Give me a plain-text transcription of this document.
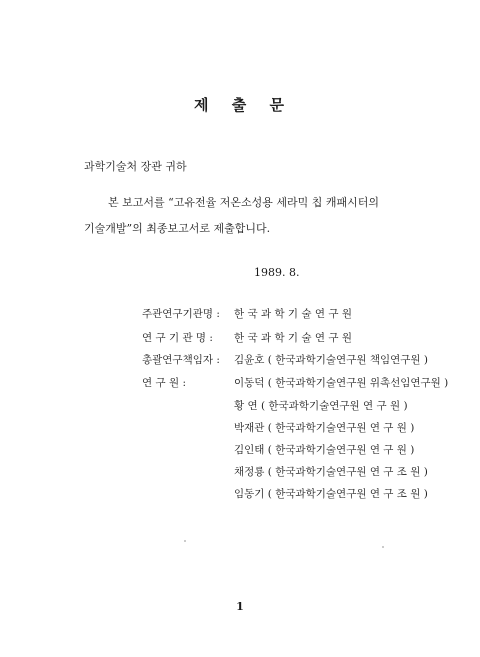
제 출 문
과학기술처 장관 귀하
본 보고서를 “고유전율 저온소성용 세라믹 칩 캐패시터의
기술개발”의 최종보고서로 제출합니다.
1989. 8.
주관연구기관명 : 한 국 과 학 기 술 연 구 원
연 구 기 관 명 : 한 국 과 학 기 술 연 구 원
총괄연구책임자 : 김윤호 ( 한국과학기술연구원 책임연구원 )
연 구 원 :	이동덕 ( 한국과학기술연구원 위촉선임연구원 )
황 연 ( 한국과학기술연구원 연 구 원 )
박재관 ( 한국과학기술연구원 연 구 원 )
김인태 ( 한국과학기술연구원 연 구 원 )
채정룡 ( 한국과학기술연구원 연 구 조 원 )
임동기 ( 한국과학기술연구원 연 구 조 원 )
1
